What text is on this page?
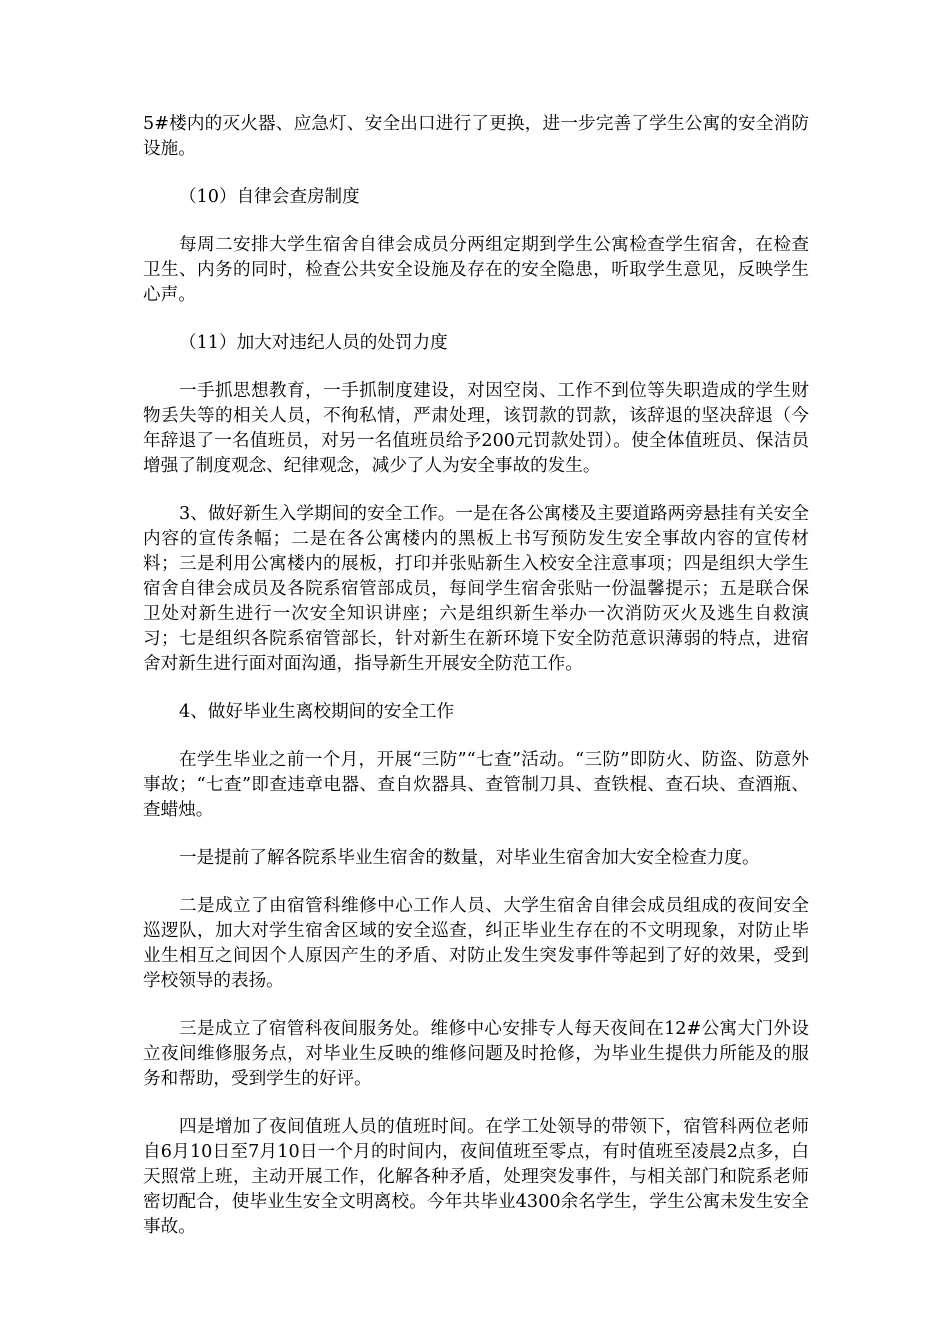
5#楼内的灭火器、应急灯、安全出口进行了更换，进一步完善了学生公寓的安全消防设施。

（10）自律会查房制度

每周二安排大学生宿舍自律会成员分两组定期到学生公寓检查学生宿舍，在检查卫生、内务的同时，检查公共安全设施及存在的安全隐患，听取学生意见，反映学生心声。

（11）加大对违纪人员的处罚力度

一手抓思想教育，一手抓制度建设，对因空岗、工作不到位等失职造成的学生财物丢失等的相关人员，不徇私情，严肃处理，该罚款的罚款，该辞退的坚决辞退（今年辞退了一名值班员，对另一名值班员给予200元罚款处罚）。使全体值班员、保洁员增强了制度观念、纪律观念，减少了人为安全事故的发生。

3、做好新生入学期间的安全工作。一是在各公寓楼及主要道路两旁悬挂有关安全内容的宣传条幅；二是在各公寓楼内的黑板上书写预防发生安全事故内容的宣传材料；三是利用公寓楼内的展板，打印并张贴新生入校安全注意事项；四是组织大学生宿舍自律会成员及各院系宿管部成员，每间学生宿舍张贴一份温馨提示；五是联合保卫处对新生进行一次安全知识讲座；六是组织新生举办一次消防灭火及逃生自救演习；七是组织各院系宿管部长，针对新生在新环境下安全防范意识薄弱的特点，进宿舍对新生进行面对面沟通，指导新生开展安全防范工作。

4、做好毕业生离校期间的安全工作

在学生毕业之前一个月，开展“三防”“七查”活动。“三防”即防火、防盗、防意外事故；“七查”即查违章电器、查自炊器具、查管制刀具、查铁棍、查石块、查酒瓶、查蜡烛。

一是提前了解各院系毕业生宿舍的数量，对毕业生宿舍加大安全检查力度。

二是成立了由宿管科维修中心工作人员、大学生宿舍自律会成员组成的夜间安全巡逻队，加大对学生宿舍区域的安全巡查，纠正毕业生存在的不文明现象，对防止毕业生相互之间因个人原因产生的矛盾、对防止发生突发事件等起到了好的效果，受到学校领导的表扬。

三是成立了宿管科夜间服务处。维修中心安排专人每天夜间在12#公寓大门外设立夜间维修服务点，对毕业生反映的维修问题及时抢修，为毕业生提供力所能及的服务和帮助，受到学生的好评。

四是增加了夜间值班人员的值班时间。在学工处领导的带领下，宿管科两位老师自6月10日至7月10日一个月的时间内，夜间值班至零点，有时值班至凌晨2点多，白天照常上班，主动开展工作，化解各种矛盾，处理突发事件，与相关部门和院系老师密切配合，使毕业生安全文明离校。今年共毕业4300余名学生，学生公寓未发生安全事故。
